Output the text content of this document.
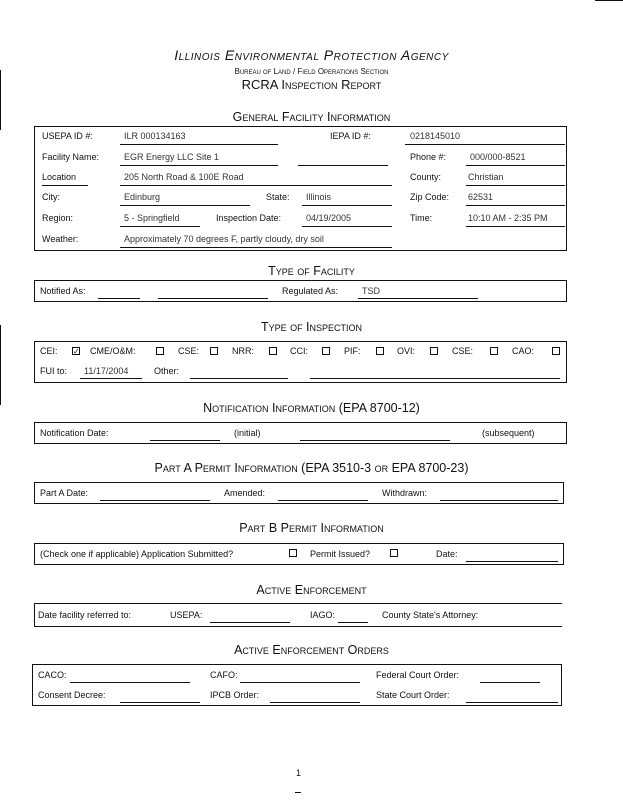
Illinois Environmental Protection Agency
Bureau of Land / Field Operations Section
RCRA Inspection Report
General Facility Information
USEPA ID #:	ILR 000134163	IEPA ID #:	0218145010
Facility Name:	EGR Energy LLC Site 1	Phone #:	000/000-8521
Location	205 North Road & 100E Road	County:	Christian
City:	Edinburg	State: Illinois	Zip Code: 62531
Region:	5 - Springfield	Inspection Date:	04/19/2005	Time:	10:10 AM - 2:35 PM
Weather:	Approximately 70 degrees F, partly cloudy, dry soil
Type of Facility
Notified As:	Regulated As:	TSD
Type of Inspection
CEI: ✓ CME/O&M:	CSE:	NRR:	CCI:	PIF:	OVI:	CSE:	CAO:
FUI to: 11/17/2004	Other:
Notification Information (EPA 8700-12)
Notification Date:	(initial)	(subsequent)
Part A Permit Information (EPA 3510-3 or EPA 8700-23)
Part A Date:	Amended:	Withdrawn:
Part B Permit Information
(Check one if applicable) Application Submitted?	Permit Issued?	Date:
Active Enforcement
Date facility referred to:	USEPA:	IAGO:	County State's Attorney:
Active Enforcement Orders
CACO:	CAFO:	Federal Court Order:
Consent Decree:	IPCB Order:	State Court Order:
1
